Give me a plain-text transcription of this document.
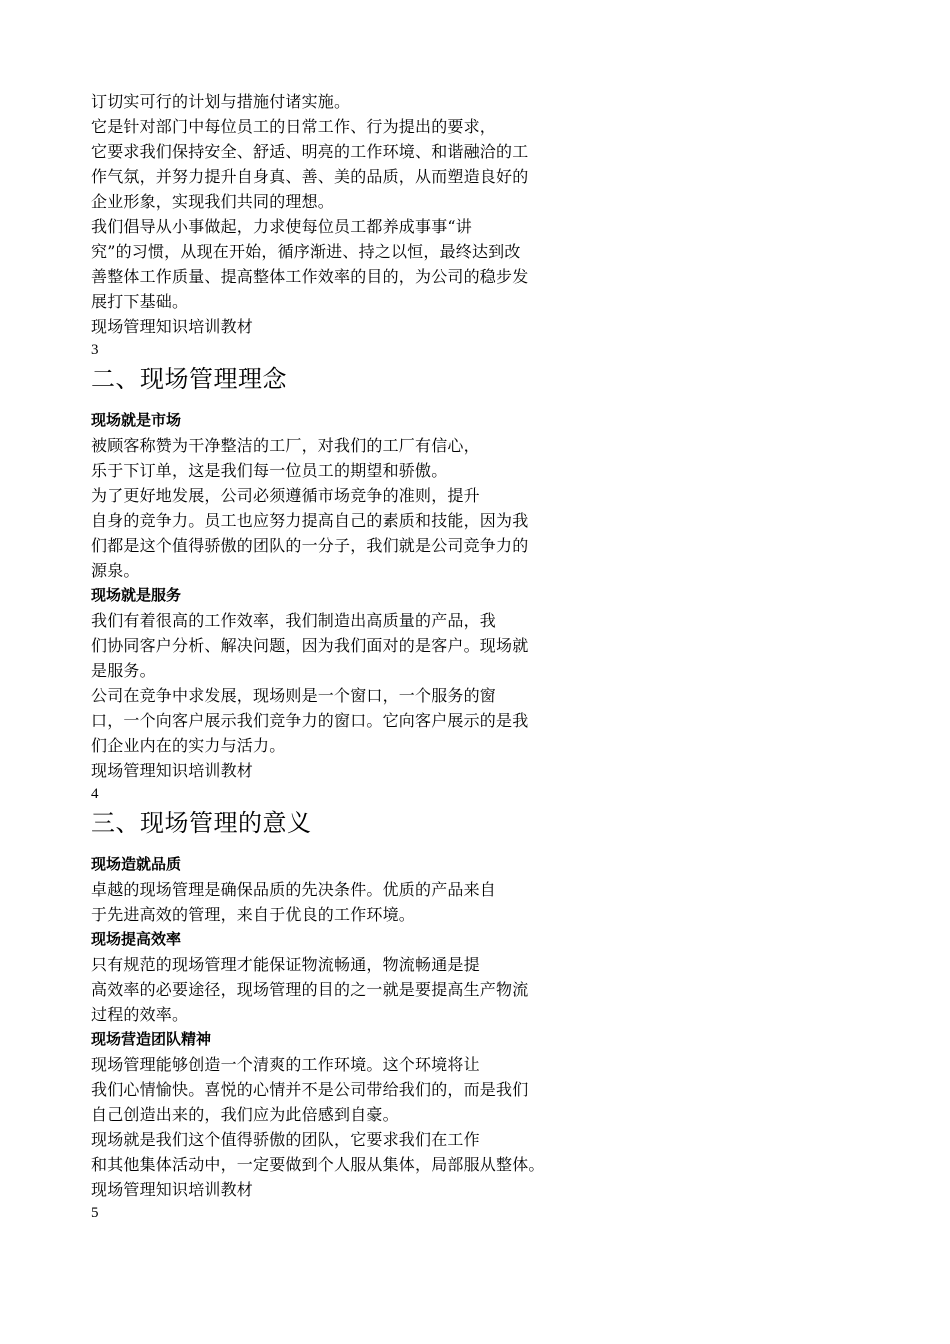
订切实可行的计划与措施付诸实施。
它是针对部门中每位员工的日常工作、行为提出的要求，
它要求我们保持安全、舒适、明亮的工作环境、和谐融洽的工
作气氛，并努力提升自身真、善、美的品质，从而塑造良好的
企业形象，实现我们共同的理想。
我们倡导从小事做起，力求使每位员工都养成事事“讲
究”的习惯，从现在开始，循序渐进、持之以恒，最终达到改
善整体工作质量、提高整体工作效率的目的，为公司的稳步发
展打下基础。
现场管理知识培训教材
3
二、现场管理理念
现场就是市场
被顾客称赞为干净整洁的工厂，对我们的工厂有信心，
乐于下订单，这是我们每一位员工的期望和骄傲。
为了更好地发展，公司必须遵循市场竞争的准则，提升
自身的竞争力。员工也应努力提高自己的素质和技能，因为我
们都是这个值得骄傲的团队的一分子，我们就是公司竞争力的
源泉。
现场就是服务
我们有着很高的工作效率，我们制造出高质量的产品，我
们协同客户分析、解决问题，因为我们面对的是客户。现场就
是服务。
公司在竞争中求发展，现场则是一个窗口，一个服务的窗
口，一个向客户展示我们竞争力的窗口。它向客户展示的是我
们企业内在的实力与活力。
现场管理知识培训教材
4
三、现场管理的意义
现场造就品质
卓越的现场管理是确保品质的先决条件。优质的产品来自
于先进高效的管理，来自于优良的工作环境。
现场提高效率
只有规范的现场管理才能保证物流畅通，物流畅通是提
高效率的必要途径，现场管理的目的之一就是要提高生产物流
过程的效率。
现场营造团队精神
现场管理能够创造一个清爽的工作环境。这个环境将让
我们心情愉快。喜悦的心情并不是公司带给我们的，而是我们
自己创造出来的，我们应为此倍感到自豪。
现场就是我们这个值得骄傲的团队，它要求我们在工作
和其他集体活动中，一定要做到个人服从集体，局部服从整体。
现场管理知识培训教材
5
